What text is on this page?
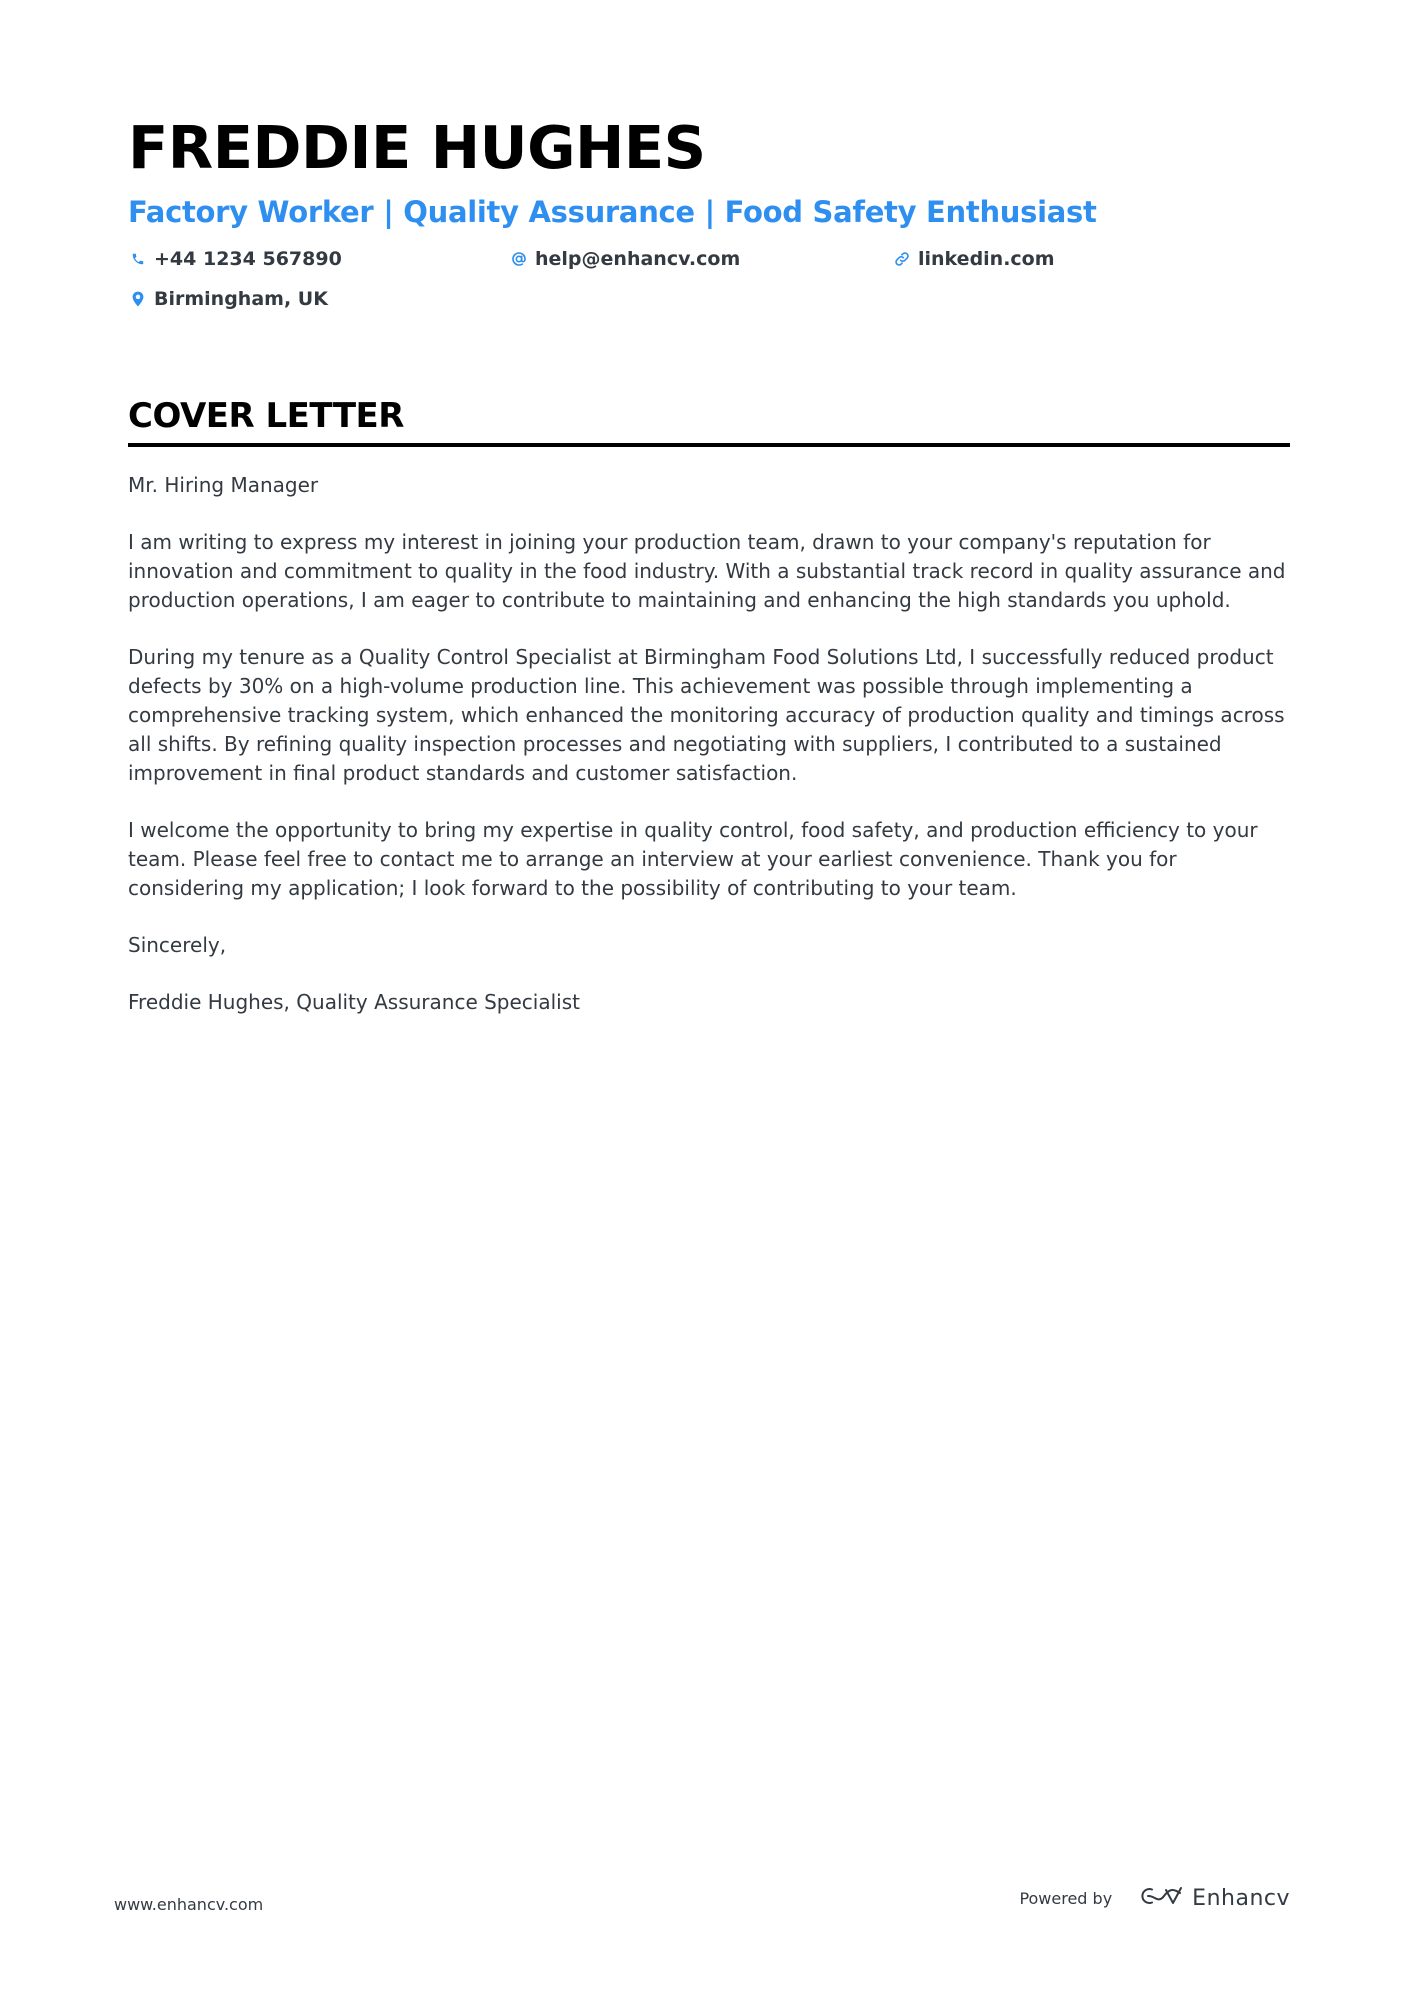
FREDDIE HUGHES
Factory Worker | Quality Assurance | Food Safety Enthusiast
+44 1234 567890	help@enhancv.com	linkedin.com
Birmingham, UK
COVER LETTER

Mr. Hiring Manager

I am writing to express my interest in joining your production team, drawn to your company's reputation for innovation and commitment to quality in the food industry. With a substantial track record in quality assurance and production operations, I am eager to contribute to maintaining and enhancing the high standards you uphold.

During my tenure as a Quality Control Specialist at Birmingham Food Solutions Ltd, I successfully reduced product defects by 30% on a high-volume production line. This achievement was possible through implementing a comprehensive tracking system, which enhanced the monitoring accuracy of production quality and timings across all shifts. By refining quality inspection processes and negotiating with suppliers, I contributed to a sustained improvement in final product standards and customer satisfaction.

I welcome the opportunity to bring my expertise in quality control, food safety, and production efficiency to your team. Please feel free to contact me to arrange an interview at your earliest convenience. Thank you for considering my application; I look forward to the possibility of contributing to your team.

Sincerely,

Freddie Hughes, Quality Assurance Specialist

www.enhancv.com	Powered by	Enhancv
